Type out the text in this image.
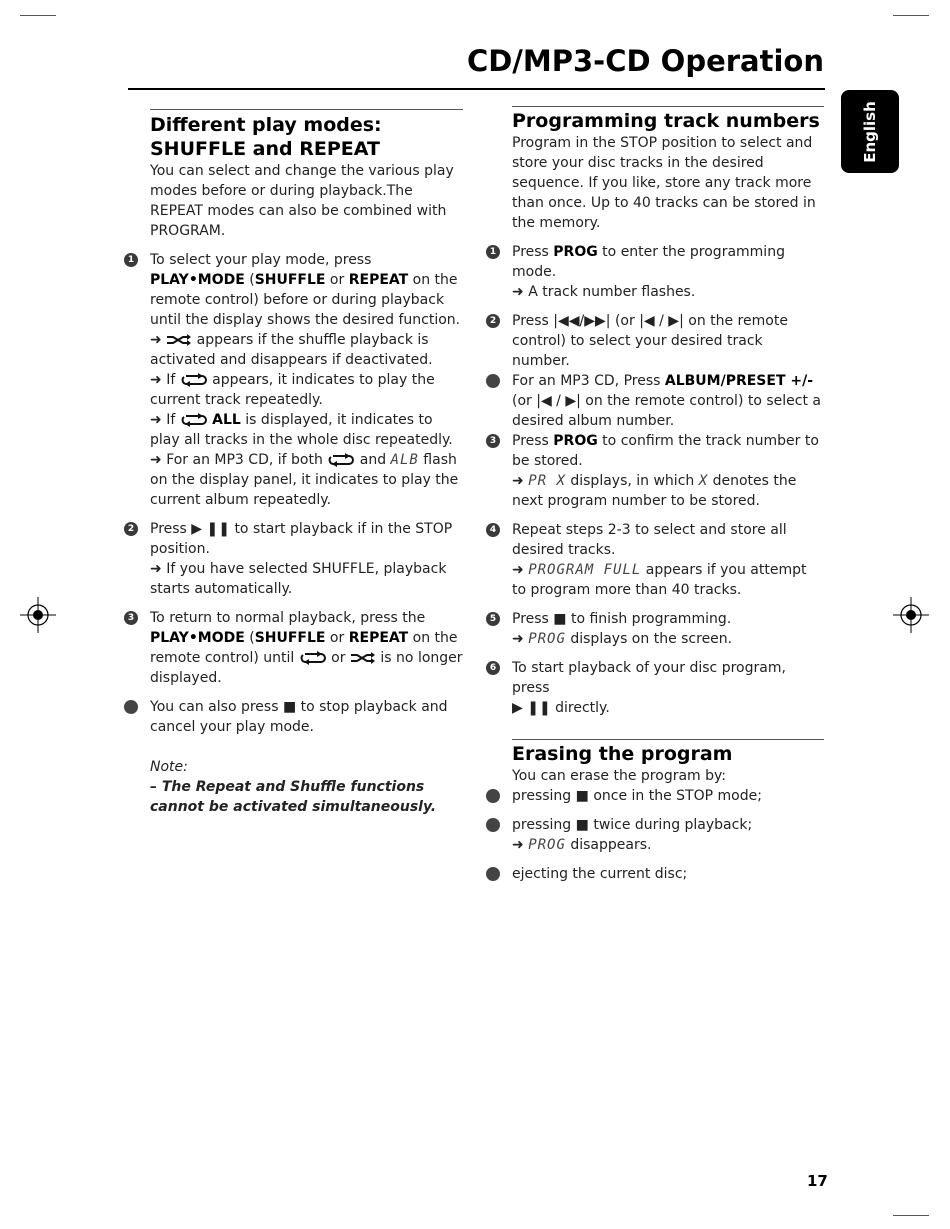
CD/MP3-CD Operation
English
Different play modes: SHUFFLE and REPEAT

You can select and change the various play modes before or during playback.The REPEAT modes can also be combined with PROGRAM.

1 To select your play mode, press PLAY•MODE (SHUFFLE or REPEAT on the remote control) before or during playback until the display shows the desired function.

➜  appears if the shuffle playback is activated and disappears if deactivated.

➜ If  appears, it indicates to play the current track repeatedly.

➜ If  ALL is displayed, it indicates to play all tracks in the whole disc repeatedly.

➜ For an MP3 CD, if both  and ALB flash on the display panel, it indicates to play the current album repeatedly.

2 Press ▶ ❚❚ to start playback if in the STOP position.

➜ If you have selected SHUFFLE, playback starts automatically.

3 To return to normal playback, press the PLAY•MODE (SHUFFLE or REPEAT on the remote control) until  or  is no longer displayed.

You can also press ■ to stop playback and cancel your play mode.

Note:
– The Repeat and Shuffle functions cannot be activated simultaneously.
Programming track numbers

Program in the STOP position to select and store your disc tracks in the desired sequence. If you like, store any track more than once. Up to 40 tracks can be stored in the memory.

1 Press PROG to enter the programming mode.

➜ A track number flashes.

2 Press |◀◀/▶▶| (or |◀ / ▶| on the remote control) to select your desired track number.

For an MP3 CD, Press ALBUM/PRESET +/- (or |◀ / ▶| on the remote control) to select a desired album number.

3 Press PROG to confirm the track number to be stored.

➜ PR X displays, in which X denotes the next program number to be stored.

4 Repeat steps 2-3 to select and store all desired tracks.

➜ PROGRAM FULL appears if you attempt to program more than 40 tracks.

5 Press ■ to finish programming.

➜ PROG displays on the screen.

6 To start playback of your disc program, press

▶ ❚❚ directly.

Erasing the program

You can erase the program by:

pressing ■ once in the STOP mode;

pressing ■ twice during playback;

➜ PROG disappears.

ejecting the current disc;

17
